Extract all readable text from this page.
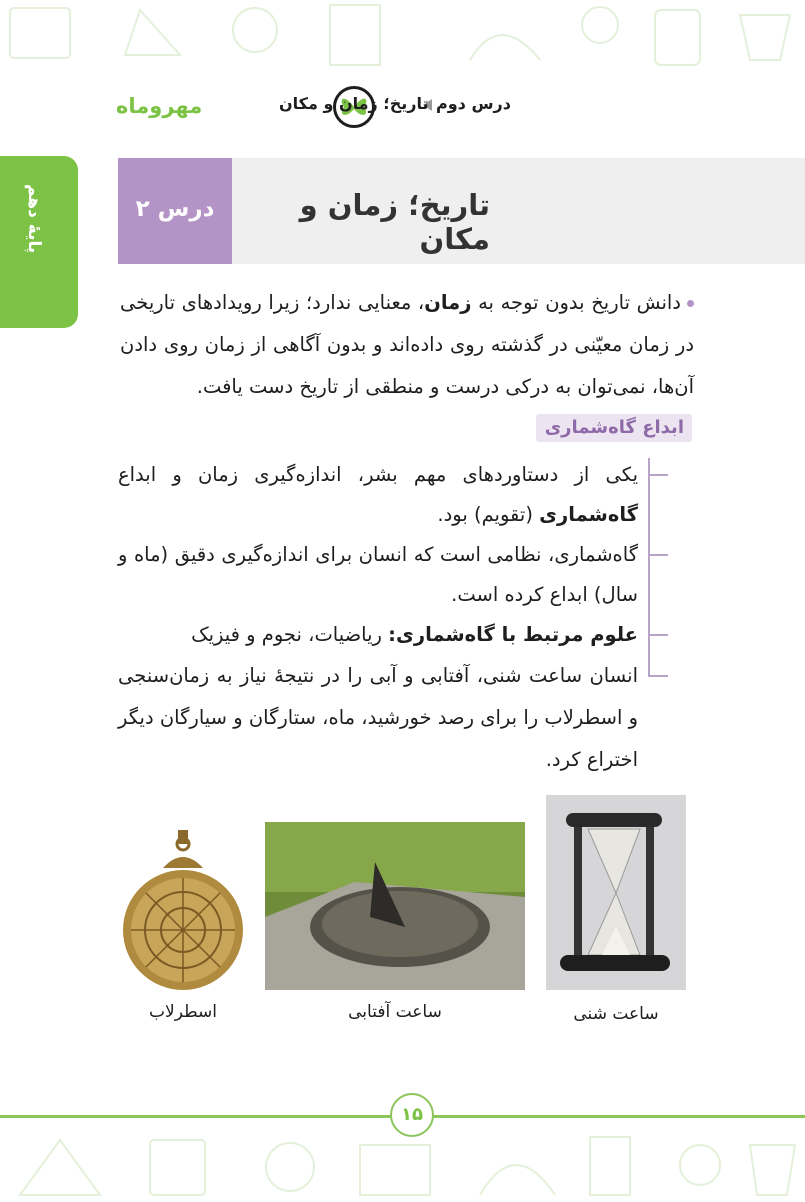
مهروماه	درس دوم
تاریخ؛ زمان و مکان
پایهٔ دهم	درس ۲	تاریخ؛ زمان و مکان
دانش تاریخ بدون توجه به زمان، معنایی ندارد؛ زیرا رویدادهای تاریخی در زمان معیّنی در گذشته روی داده‌اند و بدون آگاهی از زمان روی دادن آن‌ها، نمی‌توان به درکی درست و منطقی از تاریخ دست یافت.
ابداع گاه‌شماری
یکی از دستاوردهای مهم بشر، اندازه‌گیری زمان و ابداع گاه‌شماری (تقویم) بود.
گاه‌شماری، نظامی است که انسان برای اندازه‌گیری دقیق (ماه و سال) ابداع کرده است.
علوم مرتبط با گاه‌شماری: ریاضیات، نجوم و فیزیک
انسان ساعت شنی، آفتابی و آبی را در نتیجهٔ نیاز به زمان‌سنجی و اسطرلاب را برای رصد خورشید، ماه، ستارگان و سیارگان دیگر اختراع کرد.
اسطرلاب	ساعت آفتابی	ساعت شنی
۱۵
